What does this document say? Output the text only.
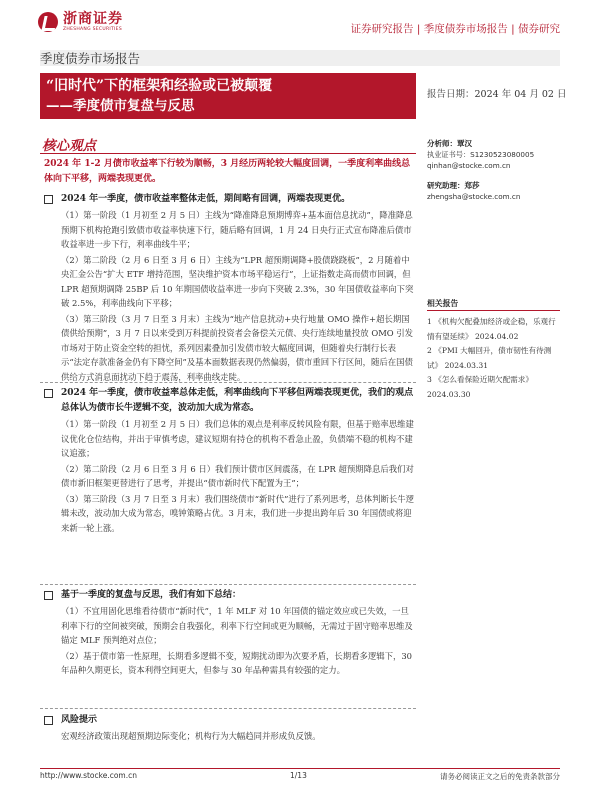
浙商证券
ZHESHANG SECURITIES	证券研究报告 | 季度债券市场报告 | 债券研究
季度债券市场报告
“旧时代”下的框架和经验或已被颠覆
——季度债市复盘与反思
报告日期：2024 年 04 月 02 日
核心观点
2024 年 1-2 月债市收益率下行较为顺畅，3 月经历两轮较大幅度回调，一季度利率曲线总体向下平移，两端表现更优。
2024 年一季度，债市收益率整体走低，期间略有回调，两端表现更优。
（1）第一阶段（1 月初至 2 月 5 日）主线为“降准降息预期博弈+基本面信息扰动”，降准降息预期下机构抢跑引致债市收益率快速下行，随后略有回调，1 月 24 日央行正式宣布降准后债市收益率进一步下行，利率曲线牛平；
（2）第二阶段（2 月 6 日至 3 月 6 日）主线为“LPR 超预期调降+股债跷跷板”，2 月随着中央汇金公告“扩大 ETF 增持范围，坚决维护资本市场平稳运行”，上证指数走高而债市回调，但 LPR 超预期调降 25BP 后 10 年期国债收益率进一步向下突破 2.3%，30 年国债收益率向下突破 2.5%，利率曲线向下平移；
（3）第三阶段（3 月 7 日至 3 月末）主线为“地产信息扰动+央行地量 OMO 操作+超长期国债供给预期”，3 月 7 日以来受到万科提前投资者会备偿关元债、央行连续地量投放 OMO 引发市场对于防止资金空转的担忧，系列因素叠加引发债市较大幅度回调，但随着央行制行长表示“法定存款准备金仍有下降空间”及基本面数据表现仍然偏弱，债市重回下行区间，随后在国债供给方式消息面扰动下趋于震荡，利率曲线走陡。
2024 年一季度，债市收益率总体走低，利率曲线向下平移但两端表现更优，我们的观点总体认为债市长牛逻辑不变，波动加大成为常态。
（1）第一阶段（1 月初至 2 月 5 日）我们总体的观点是利率反转风险有限，但基于赔率思维建议优化仓位结构，并出于审慎考虑，建议短期有持仓的机构不看急止盈，负债端不稳的机构不建议追涨；
（2）第二阶段（2 月 6 日至 3 月 6 日）我们预计债市区间震荡，在 LPR 超预期降息后我们对债市新旧框架更替进行了思考，并提出“债市新时代下配置为王”；
（3）第三阶段（3 月 7 日至 3 月末）我们围绕债市“新时代”进行了系列思考，总体判断长牛逻辑未改，波动加大成为常态，嗅钟策略占优。3 月末，我们进一步提出跨年后 30 年国债或将迎来新一轮上涨。
基于一季度的复盘与反思，我们有如下总结：
（1）不宜用固化思维看待债市“新时代”，1 年 MLF 对 10 年国债的锚定效应或已失效，一旦利率下行的空间被突破，预期会自我强化，利率下行空间或更为顺畅，无需过于固守赔率思维及锚定 MLF 预判绝对点位；
（2）基于债市第一性原理，长期看多逻辑不变，短期扰动即为次要矛盾，长期看多逻辑下，30 年品种久期更长，资本利得空间更大，但参与 30 年品种需具有较强的定力。
风险提示
宏观经济政策出现超预期边际变化；机构行为大幅趋同并形成负反馈。
分析师：覃汉
执业证书号：S1230523080005
qinhan@stocke.com.cn
研究助理：郑莎
zhengsha@stocke.com.cn
相关报告
1 《机构欠配叠加经济或企稳，乐观行情有望延续》 2024.04.02
2 《PMI 大幅回升，债市韧性有待测试》 2024.03.31
3 《怎么看保险近期欠配需求》 2024.03.30
http://www.stocke.com.cn	1/13	请务必阅读正文之后的免责条款部分
